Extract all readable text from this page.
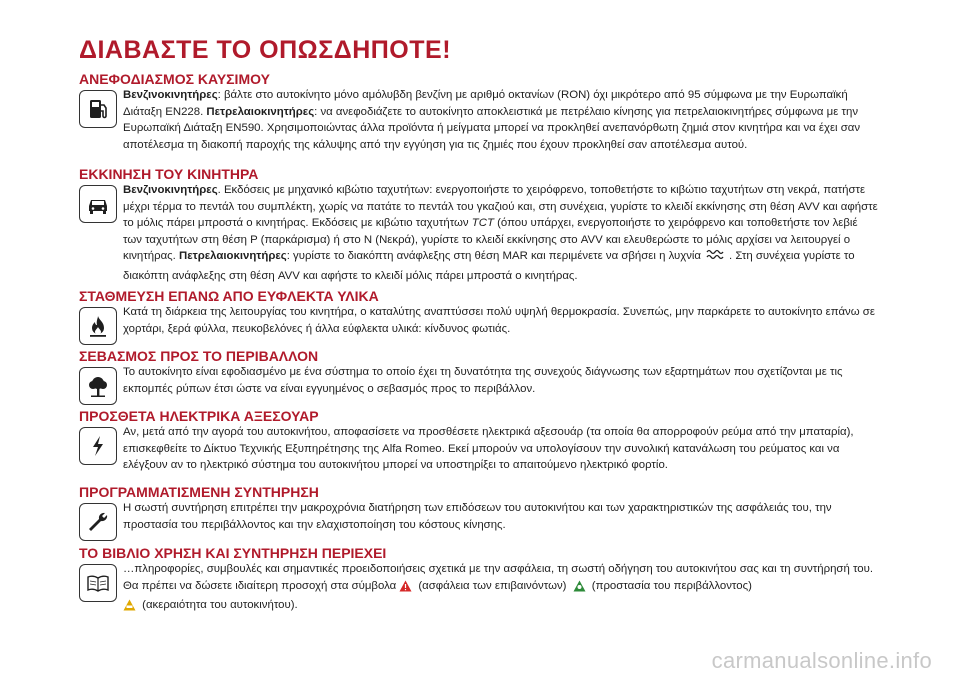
ΔΙΑΒΑΣΤΕ ΤΟ ΟΠΩΣΔΗΠΟΤΕ!
ΑΝΕΦΟΔΙΑΣΜΟΣ ΚΑΥΣΙΜΟΥ

Βενζινοκινητήρες: βάλτε στο αυτοκίνητο μόνο αμόλυβδη βενζίνη με αριθμό οκτανίων (RON) όχι μικρότερο από 95 σύμφωνα με την Ευρωπαϊκή Διάταξη EN228. Πετρελαιοκινητήρες: να ανεφοδιάζετε το αυτοκίνητο αποκλειστικά με πετρέλαιο κίνησης για πετρελαιοκινητήρες σύμφωνα με την Ευρωπαϊκή Διάταξη EN590. Χρησιμοποιώντας άλλα προϊόντα ή μείγματα μπορεί να προκληθεί ανεπανόρθωτη ζημιά στον κινητήρα και να έχει σαν αποτέλεσμα τη διακοπή παροχής της κάλυψης από την εγγύηση για τις ζημιές που έχουν προκληθεί σαν αποτέλεσμα αυτού.

ΕΚΚΙΝΗΣΗ ΤΟΥ ΚΙΝΗΤΗΡΑ

Βενζινοκινητήρες. Εκδόσεις με μηχανικό κιβώτιο ταχυτήτων: ενεργοποιήστε το χειρόφρενο, τοποθετήστε το κιβώτιο ταχυτήτων στη νεκρά, πατήστε μέχρι τέρμα το πεντάλ του συμπλέκτη, χωρίς να πατάτε το πεντάλ του γκαζιού και, στη συνέχεια, γυρίστε το κλειδί εκκίνησης στη θέση AVV και αφήστε το μόλις πάρει μπροστά ο κινητήρας. Εκδόσεις με κιβώτιο ταχυτήτων TCT (όπου υπάρχει, ενεργοποιήστε το χειρόφρενο και τοποθετήστε τον λεβιέ των ταχυτήτων στη θέση P (παρκάρισμα) ή στο N (Νεκρά), γυρίστε το κλειδί εκκίνησης στο AVV και ελευθερώστε το μόλις αρχίσει να λειτουργεί ο κινητήρας. Πετρελαιοκινητήρες: γυρίστε το διακόπτη ανάφλεξης στη θέση MAR και περιμένετε να σβήσει η λυχνία . Στη συνέχεια γυρίστε το διακόπτη ανάφλεξης στη θέση AVV και αφήστε το κλειδί μόλις πάρει μπροστά ο κινητήρας.

ΣΤΑΘΜΕΥΣΗ ΕΠΑΝΩ ΑΠΟ ΕΥΦΛΕΚΤΑ ΥΛΙΚΑ

Κατά τη διάρκεια της λειτουργίας του κινητήρα, ο καταλύτης αναπτύσσει πολύ υψηλή θερμοκρασία. Συνεπώς, μην παρκάρετε το αυτοκίνητο επάνω σε χορτάρι, ξερά φύλλα, πευκοβελόνες ή άλλα εύφλεκτα υλικά: κίνδυνος φωτιάς.

ΣΕΒΑΣΜΟΣ ΠΡΟΣ ΤΟ ΠΕΡΙΒΑΛΛΟΝ

Το αυτοκίνητο είναι εφοδιασμένο με ένα σύστημα το οποίο έχει τη δυνατότητα της συνεχούς διάγνωσης των εξαρτημάτων που σχετίζονται με τις εκπομπές ρύπων έτσι ώστε να είναι εγγυημένος ο σεβασμός προς το περιβάλλον.

ΠΡΟΣΘΕΤΑ ΗΛΕΚΤΡΙΚΑ ΑΞΕΣΟΥΑΡ

Αν, μετά από την αγορά του αυτοκινήτου, αποφασίσετε να προσθέσετε ηλεκτρικά αξεσουάρ (τα οποία θα απορροφούν ρεύμα από την μπαταρία), επισκεφθείτε το Δίκτυο Τεχνικής Εξυπηρέτησης της Alfa Romeo. Εκεί μπορούν να υπολογίσουν την συνολική κατανάλωση του ρεύματος και να ελέγξουν αν το ηλεκτρικό σύστημα του αυτοκινήτου μπορεί να υποστηρίξει το απαιτούμενο ηλεκτρικό φορτίο.

ΠΡΟΓΡΑΜΜΑΤΙΣΜΕΝΗ ΣΥΝΤΗΡΗΣΗ

Η σωστή συντήρηση επιτρέπει την μακροχρόνια διατήρηση των επιδόσεων του αυτοκινήτου και των χαρακτηριστικών της ασφάλειάς του, την προστασία του περιβάλλοντος και την ελαχιστοποίηση του κόστους κίνησης.

ΤΟ ΒΙΒΛΙΟ ΧΡΗΣΗ ΚΑΙ ΣΥΝΤΗΡΗΣΗ ΠΕΡΙΕΧΕΙ

…πληροφορίες, συμβουλές και σημαντικές προειδοποιήσεις σχετικά με την ασφάλεια, τη σωστή οδήγηση του αυτοκινήτου σας και τη συντήρησή του. Θα πρέπει να δώσετε ιδιαίτερη προσοχή στα σύμβολα (ασφάλεια των επιβαινόντων)  (προστασία του περιβάλλοντος)
(ακεραιότητα του αυτοκινήτου).

carmanualsonline.info
